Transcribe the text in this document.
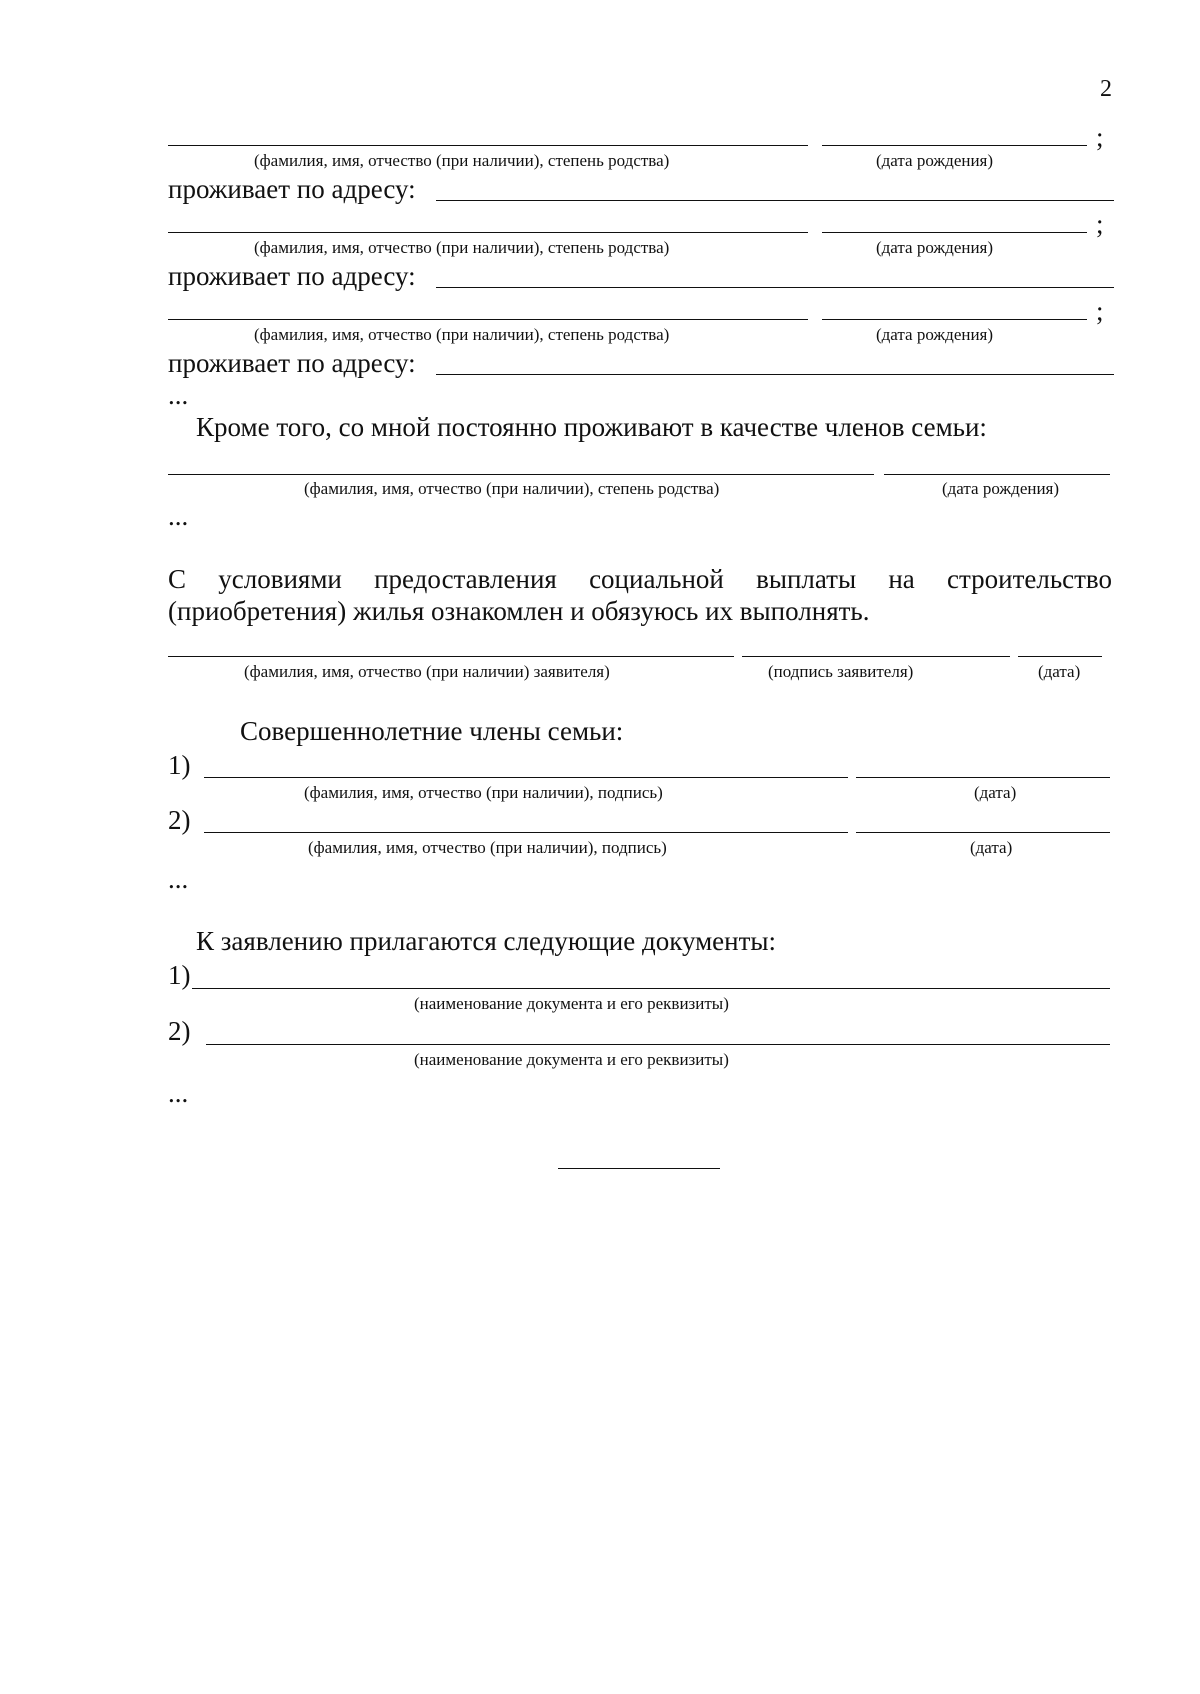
2
;
(фамилия, имя, отчество (при наличии), степень родства)	(дата рождения)
проживает по адресу:
;
(фамилия, имя, отчество (при наличии), степень родства)	(дата рождения)
проживает по адресу:
;
(фамилия, имя, отчество (при наличии), степень родства)	(дата рождения)
проживает по адресу:
...
Кроме того, со мной постоянно проживают в качестве членов семьи:
(фамилия, имя, отчество (при наличии), степень родства)	(дата рождения)
...
С условиями предоставления социальной выплаты на строительство
(приобретения) жилья ознакомлен и обязуюсь их выполнять.
(фамилия, имя, отчество (при наличии) заявителя)	(подпись заявителя)	(дата)
Совершеннолетние члены семьи:
1)
(фамилия, имя, отчество (при наличии), подпись)	(дата)
2)
(фамилия, имя, отчество (при наличии), подпись)	(дата)
...
К заявлению прилагаются следующие документы:
1)
(наименование документа и его реквизиты)
2)
(наименование документа и его реквизиты)
...
